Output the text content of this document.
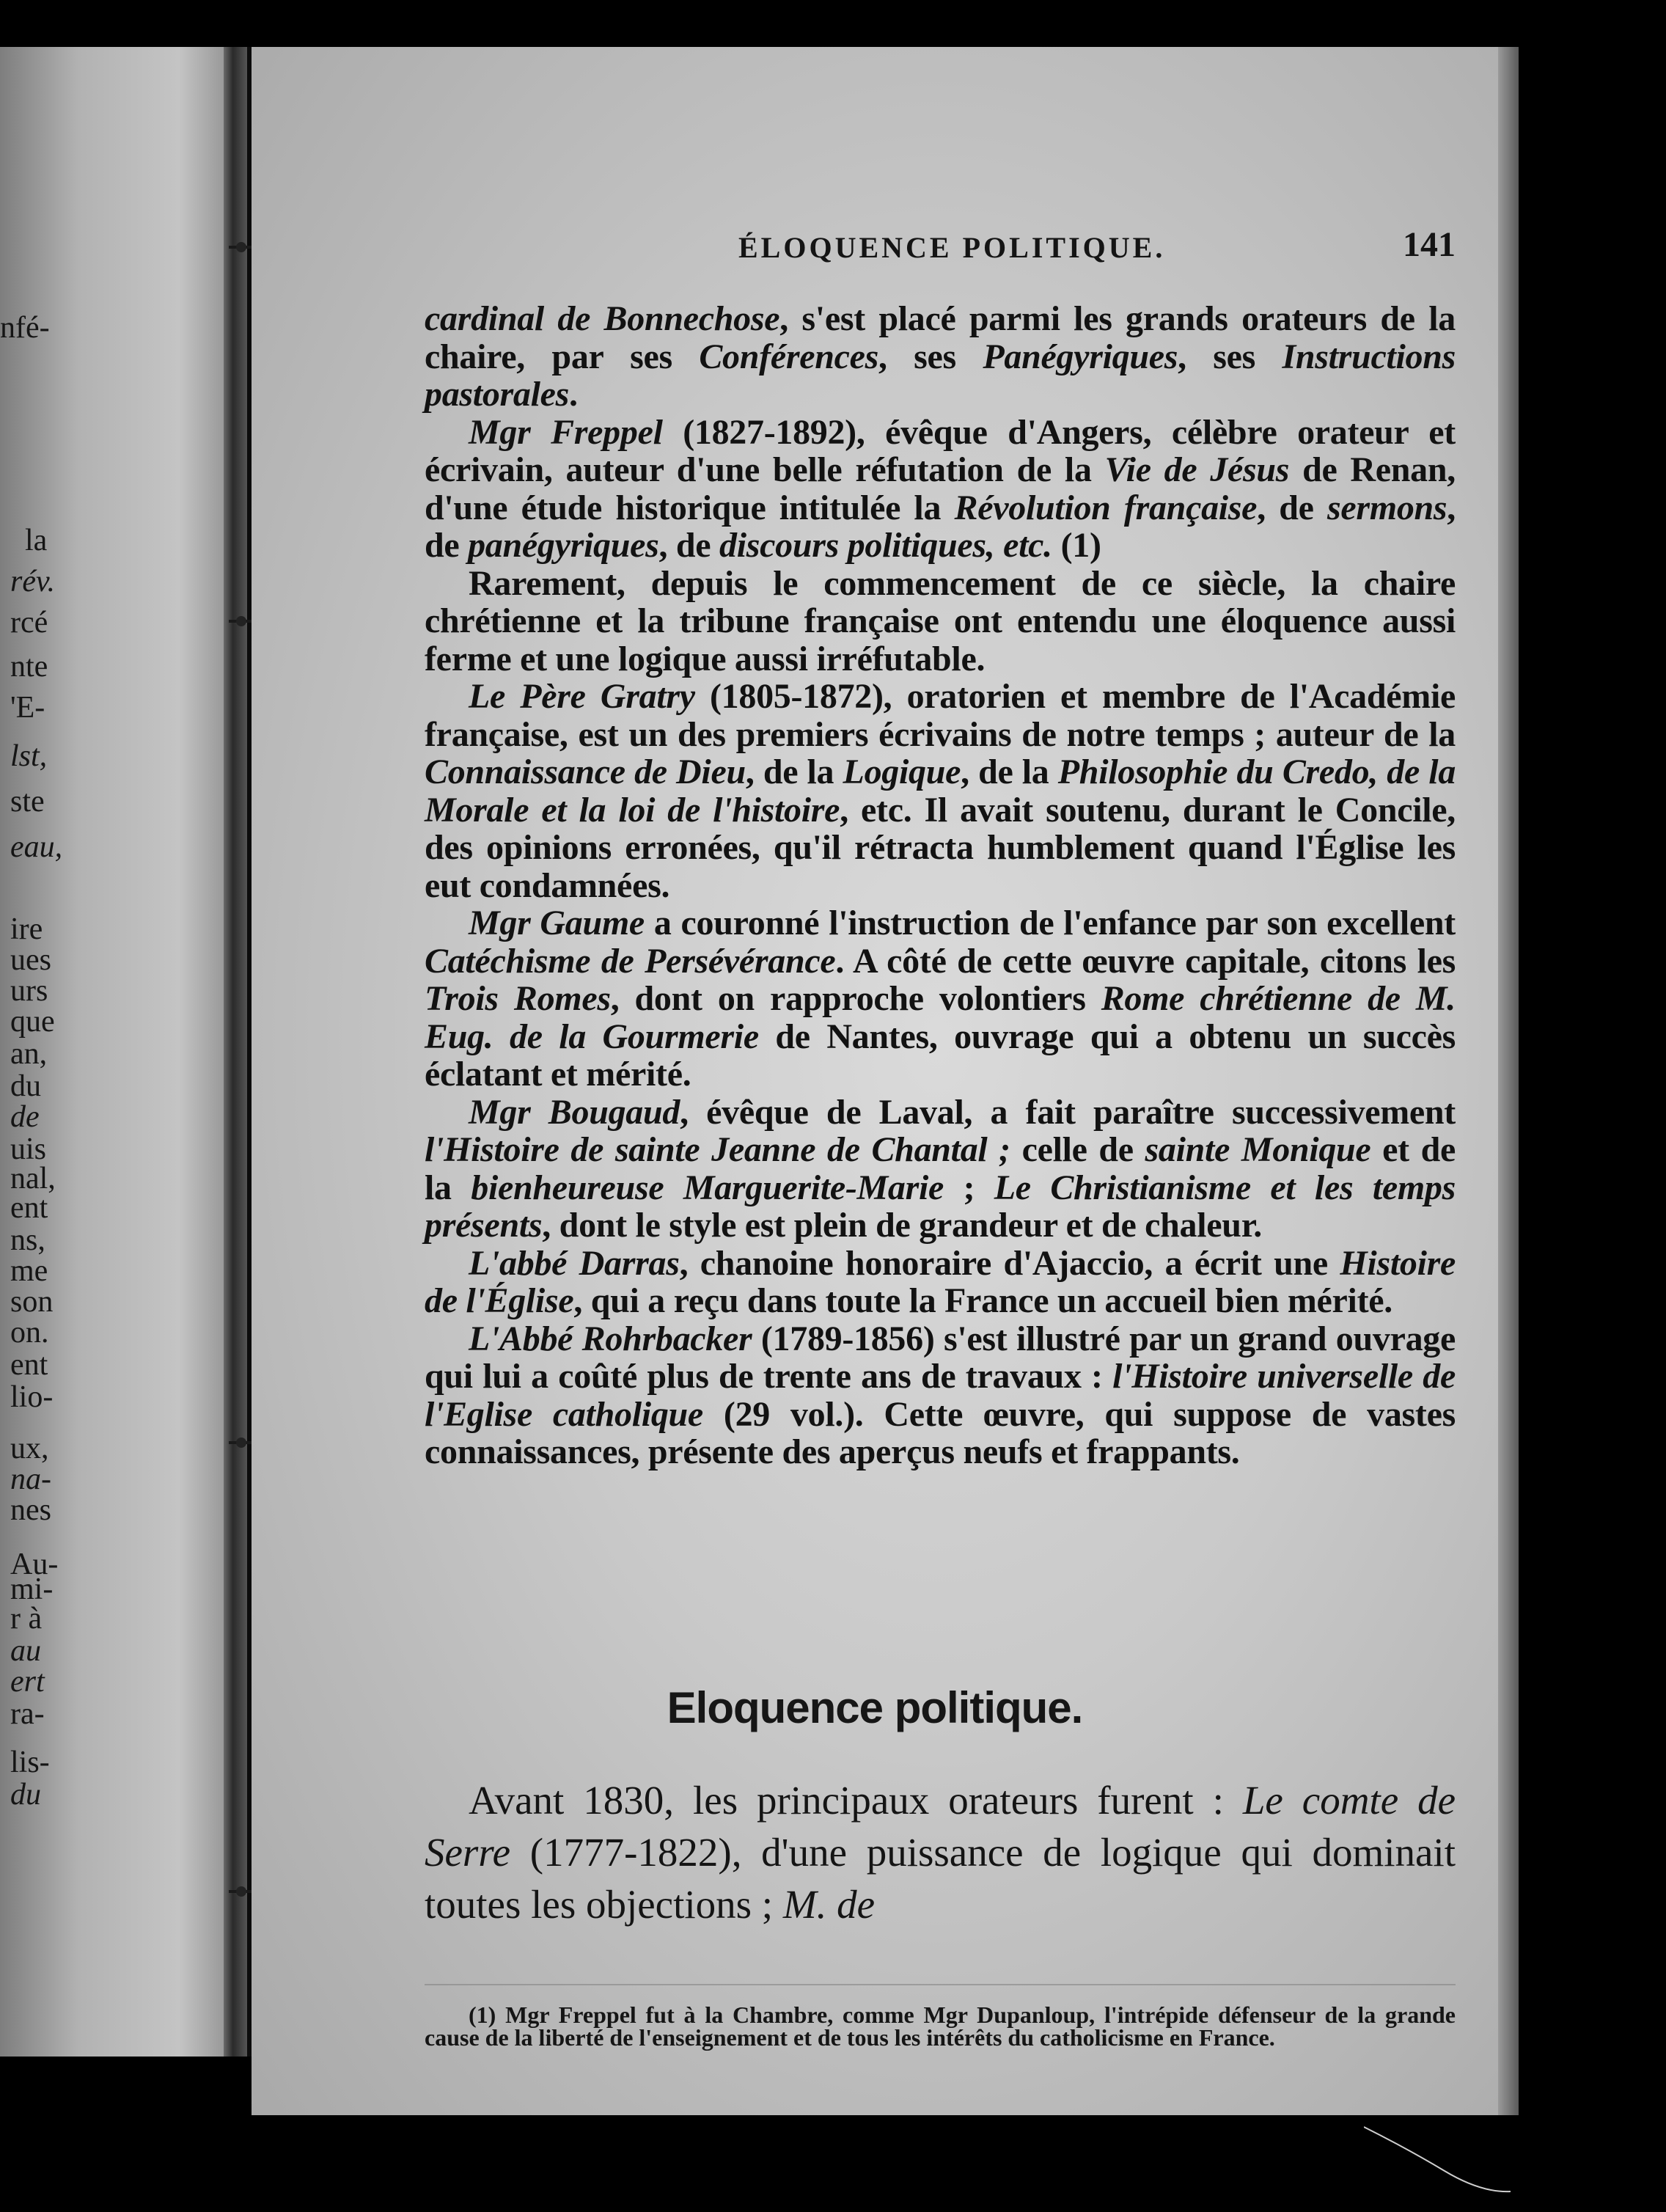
nfé-
la
rév.
rcé
nte
'E-
lst,
ste
eau,
ire
ues
urs
que
an,
du
de
uis
nal,
ent
ns,
me
son
on.
ent
lio-
ux,
na-
nes
Au-
mi-
r à
au
ert
ra-
lis-
du
ÉLOQUENCE POLITIQUE.	141

cardinal de Bonnechose, s'est placé parmi les grands orateurs de la chaire, par ses Conférences, ses Panégyriques, ses Instructions pastorales.

Mgr Freppel (1827-1892), évêque d'Angers, célèbre orateur et écrivain, auteur d'une belle réfutation de la Vie de Jésus de Renan, d'une étude historique intitulée la Révolution française, de sermons, de panégyriques, de discours politiques, etc. (1)

Rarement, depuis le commencement de ce siècle, la chaire chrétienne et la tribune française ont entendu une éloquence aussi ferme et une logique aussi irréfutable.

Le Père Gratry (1805-1872), oratorien et membre de l'Académie française, est un des premiers écrivains de notre temps ; auteur de la Connaissance de Dieu, de la Logique, de la Philosophie du Credo, de la Morale et la loi de l'histoire, etc. Il avait soutenu, durant le Concile, des opinions erronées, qu'il rétracta humblement quand l'Église les eut condamnées.

Mgr Gaume a couronné l'instruction de l'enfance par son excellent Catéchisme de Persévérance. A côté de cette œuvre capitale, citons les Trois Romes, dont on rapproche volontiers Rome chrétienne de M. Eug. de la Gourmerie de Nantes, ouvrage qui a obtenu un succès éclatant et mérité.

Mgr Bougaud, évêque de Laval, a fait paraître successivement l'Histoire de sainte Jeanne de Chantal ; celle de sainte Monique et de la bienheureuse Marguerite-Marie ; Le Christianisme et les temps présents, dont le style est plein de grandeur et de chaleur.

L'abbé Darras, chanoine honoraire d'Ajaccio, a écrit une Histoire de l'Église, qui a reçu dans toute la France un accueil bien mérité.

L'Abbé Rohrbacker (1789-1856) s'est illustré par un grand ouvrage qui lui a coûté plus de trente ans de travaux : l'Histoire universelle de l'Eglise catholique (29 vol.). Cette œuvre, qui suppose de vastes connaissances, présente des aperçus neufs et frappants.

Eloquence politique.

Avant 1830, les principaux orateurs furent : Le comte de Serre (1777-1822), d'une puissance de logique qui dominait toutes les objections ; M. de

(1) Mgr Freppel fut à la Chambre, comme Mgr Dupanloup, l'intrépide défenseur de la grande cause de la liberté de l'enseignement et de tous les intérêts du catholicisme en France.
